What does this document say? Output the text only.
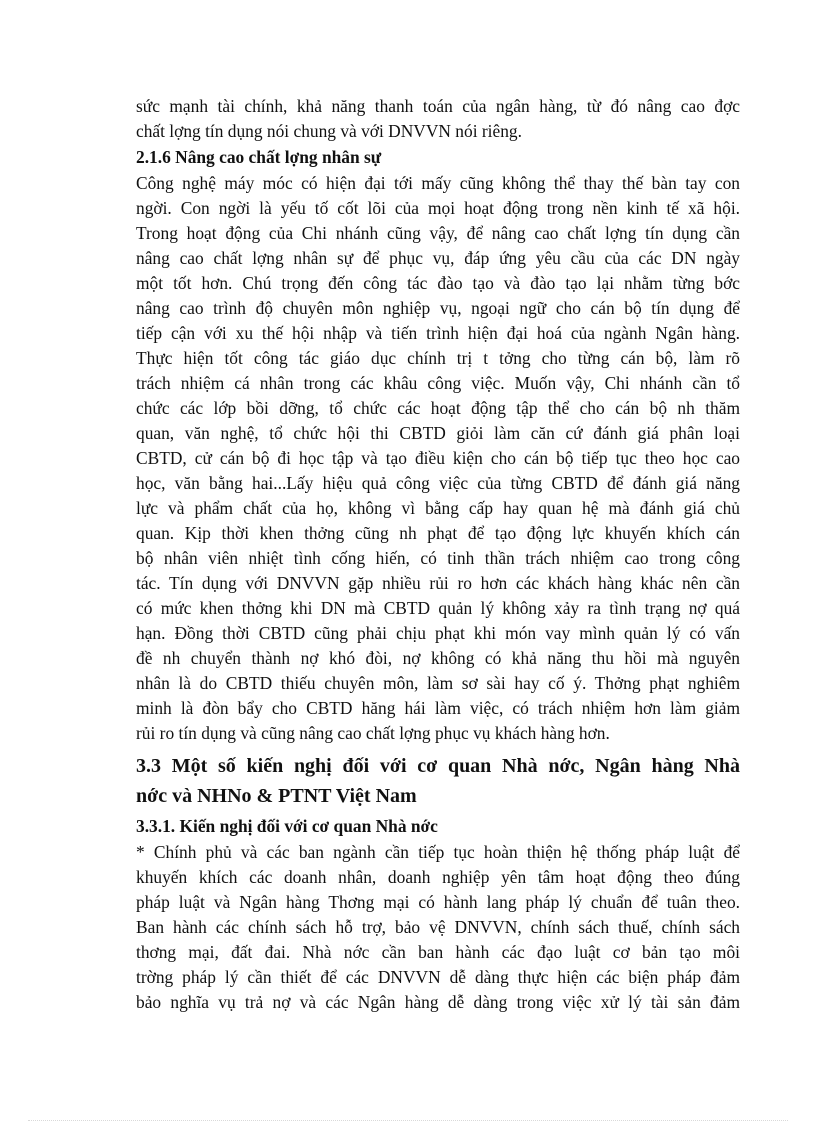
sức mạnh tài chính, khả năng thanh toán của ngân hàng, từ đó nâng cao đợc
chất lợng tín dụng nói chung và với DNVVN nói riêng.
2.1.6 Nâng cao chất lợng nhân sự
Công nghệ máy móc có hiện đại tới mấy cũng không thể thay thế bàn tay con
ngời. Con ngời là yếu tố cốt lõi của mọi hoạt động trong nền kinh tế xã hội.
Trong hoạt động của Chi nhánh cũng vậy, để nâng cao chất lợng tín dụng cần
nâng cao chất lợng nhân sự để phục vụ, đáp ứng yêu cầu của các DN ngày
một tốt hơn. Chú trọng đến công tác đào tạo và đào tạo lại nhằm từng bớc
nâng cao trình độ chuyên môn nghiệp vụ, ngoại ngữ cho cán bộ tín dụng để
tiếp cận với xu thế hội nhập và tiến trình hiện đại hoá của ngành Ngân hàng.
Thực hiện tốt công tác giáo dục chính trị t tởng cho từng cán bộ, làm rõ
trách nhiệm cá nhân trong các khâu công việc. Muốn vậy, Chi nhánh cần tổ
chức các lớp bồi dỡng, tổ chức các hoạt động tập thể cho cán bộ nh thăm
quan, văn nghệ, tổ chức hội thi CBTD giỏi làm căn cứ đánh giá phân loại
CBTD, cử cán bộ đi học tập và tạo điều kiện cho cán bộ tiếp tục theo học cao
học, văn bằng hai...Lấy hiệu quả công việc của từng CBTD để đánh giá năng
lực và phẩm chất của họ, không vì bằng cấp hay quan hệ mà đánh giá chủ
quan. Kịp thời khen thởng cũng nh phạt để tạo động lực khuyến khích cán
bộ nhân viên nhiệt tình cống hiến, có tinh thần trách nhiệm cao trong công
tác. Tín dụng với DNVVN gặp nhiều rủi ro hơn các khách hàng khác nên cần
có mức khen thởng khi DN mà CBTD quản lý không xảy ra tình trạng nợ quá
hạn. Đồng thời CBTD cũng phải chịu phạt khi món vay mình quản lý có vấn
đề nh chuyển thành nợ khó đòi, nợ không có khả năng thu hồi mà nguyên
nhân là do CBTD thiếu chuyên môn, làm sơ sài hay cố ý. Thởng phạt nghiêm
minh là đòn bẩy cho CBTD hăng hái làm việc, có trách nhiệm hơn làm giảm
rủi ro tín dụng và cũng nâng cao chất lợng phục vụ khách hàng hơn.
3.3 Một số kiến nghị đối với cơ quan Nhà nớc, Ngân hàng Nhà
nớc và NHNo & PTNT Việt Nam
3.3.1. Kiến nghị đối với cơ quan Nhà nớc
* Chính phủ và các ban ngành cần tiếp tục hoàn thiện hệ thống pháp luật để
khuyến khích các doanh nhân, doanh nghiệp yên tâm hoạt động theo đúng
pháp luật và Ngân hàng Thơng mại có hành lang pháp lý chuẩn để tuân theo.
Ban hành các chính sách hỗ trợ, bảo vệ DNVVN, chính sách thuế, chính sách
thơng mại, đất đai. Nhà nớc cần ban hành các đạo luật cơ bản tạo môi
trờng pháp lý cần thiết để các DNVVN dễ dàng thực hiện các biện pháp đảm
bảo nghĩa vụ trả nợ và các Ngân hàng dễ dàng trong việc xử lý tài sản đảm
